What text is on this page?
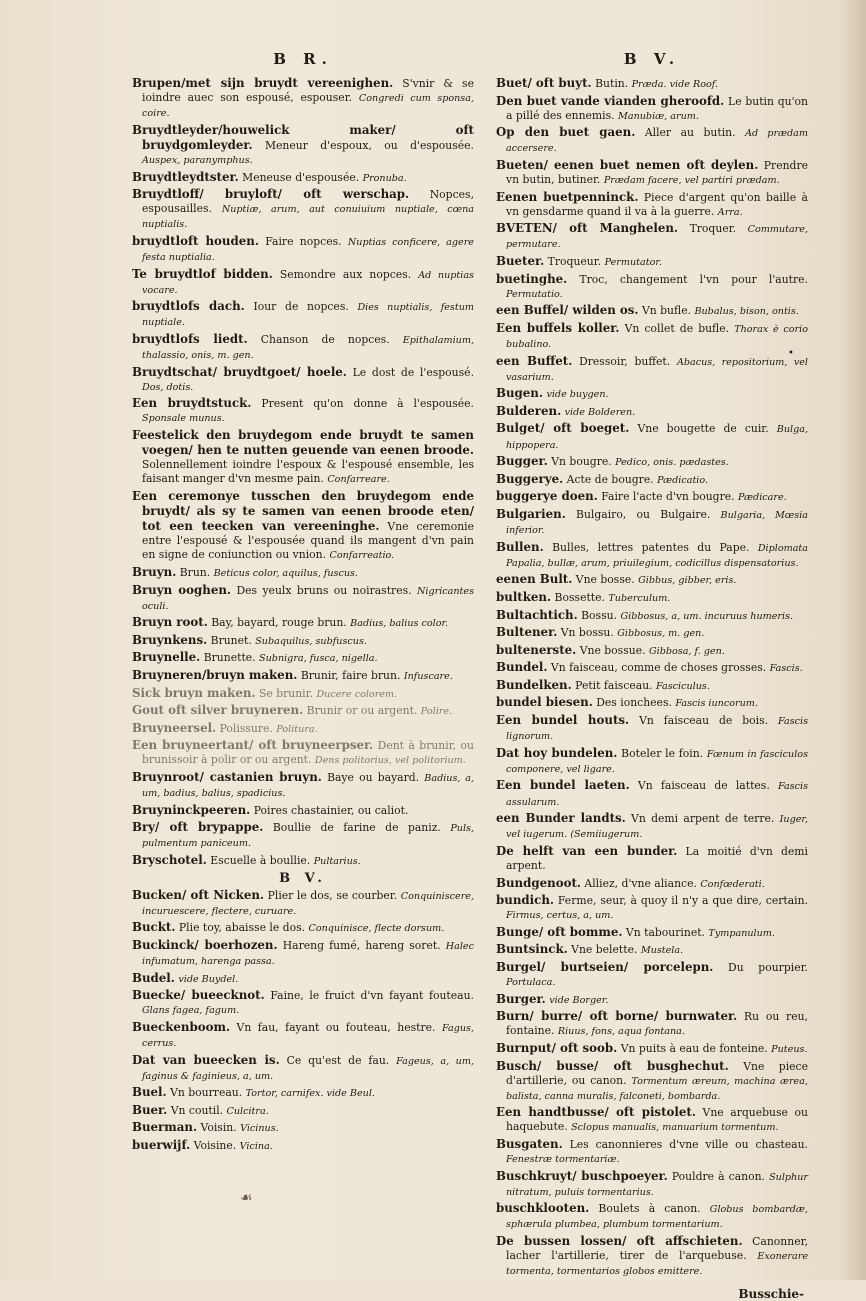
B R.

Brupen/met sijn bruydt vereenighen. S'vnir & se ioindre auec son espousé, espouser. Congredi cum sponsa, coire.

Bruydtleyder/houwelick maker/ oft bruydgomleyder. Meneur d'espoux, ou d'espousée. Auspex, paranymphus.

Bruydtleydtster. Meneuse d'espousée. Pronuba.

Bruydtloff/ bruyloft/ oft werschap. Nopces, espousailles. Nuptiæ, arum, aut conuiuium nuptiale, cœna nuptialis.

bruydtloft houden. Faire nopces. Nuptias conficere, agere festa nuptialia.

Te bruydtlof bidden. Semondre aux nopces. Ad nuptias vocare.

bruydtlofs dach. Iour de nopces. Dies nuptialis, festum nuptiale.

bruydtlofs liedt. Chanson de nopces. Epithalamium, thalassio, onis, m. gen.

Bruydtschat/ bruydtgoet/ hoele. Le dost de l'espousé. Dos, dotis.

Een bruydtstuck. Present qu'on donne à l'espousée. Sponsale munus.

Feestelick den bruydegom ende bruydt te samen voegen/ hen te nutten geuende van eenen broode. Solennellement ioindre l'espoux & l'espousé ensemble, les faisant manger d'vn mesme pain. Confarreare.

Een ceremonye tusschen den bruydegom ende bruydt/ als sy te samen van eenen broode eten/ tot een teecken van vereeninghe. Vne ceremonie entre l'espousé & l'espousée quand ils mangent d'vn pain en signe de coniunction ou vnion. Confarreatio.

Bruyn. Brun. Beticus color, aquilus, fuscus.

Bruyn ooghen. Des yeulx bruns ou noirastres. Nigricantes oculi.

Bruyn root. Bay, bayard, rouge brun. Badius, balius color.

Bruynkens. Brunet. Subaquilus, subfuscus.

Bruynelle. Brunette. Subnigra, fusca, nigella.

Bruyneren/bruyn maken. Brunir, faire brun. Infuscare.

Sick bruyn maken. Se brunir. Ducere colorem.

Gout oft silver bruyneren. Brunir or ou argent. Polire.

Bruyneersel. Polissure. Politura.

Een bruyneertant/ oft bruyneerpser. Dent à brunir, ou brunissoir à polir or ou argent. Dens politorius, vel politorium.

Bruynroot/ castanien bruyn. Baye ou bayard. Badius, a, um, badius, balius, spadicius.

Bruyninckpeeren. Poires chastainier, ou caliot.

Bry/ oft brypappe. Boullie de farine de paniz. Puls, pulmentum paniceum.

Bryschotel. Escuelle à boullie. Pultarius.

B V.

Bucken/ oft Nicken. Plier le dos, se courber. Conquiniscere, incuruescere, flectere, curuare.

Buckt. Plie toy, abaisse le dos. Conquinisce, flecte dorsum.

Buckinck/ boerhozen. Hareng fumé, hareng soret. Halec infumatum, harenga passa.

Budel. vide Buydel.

Buecke/ bueecknot. Faine, le fruict d'vn fayant fouteau. Glans fagea, fagum.

Bueckenboom. Vn fau, fayant ou fouteau, hestre. Fagus, cerrus.

Dat van bueecken is. Ce qu'est de fau. Fageus, a, um, faginus & faginieus, a, um.

Buel. Vn bourreau. Tortor, carnifex. vide Beul.

Buer. Vn coutil. Culcitra.

Buerman. Voisin. Vicinus.

buerwijf. Voisine. Vicina.

B V.

Buet/ oft buyt. Butin. Præda. vide Roof.

Den buet vande vianden gheroofd. Le butin qu'on a pillé des ennemis. Manubiæ, arum.

Op den buet gaen. Aller au butin. Ad prædam accersere.

Bueten/ eenen buet nemen oft deylen. Prendre vn butin, butiner. Prædam facere, vel partiri prædam.

Eenen buetpenninck. Piece d'argent qu'on baille à vn gensdarme quand il va à la guerre. Arra.

BVETEN/ oft Manghelen. Troquer. Commutare, permutare.

Bueter. Troqueur. Permutator.

buetinghe. Troc, changement l'vn pour l'autre. Permutatio.

een Buffel/ wilden os. Vn bufle. Bubalus, bison, ontis.

Een buffels koller. Vn collet de bufle. Thorax è corio bubalino.

een Buffet. Dressoir, buffet. Abacus, repositorium, vel vasarium.

Bugen. vide buygen.

Bulderen. vide Bolderen.

Bulget/ oft boeget. Vne bougette de cuir. Bulga, hippopera.

Bugger. Vn bougre. Pedico, onis. pædastes.

Buggerye. Acte de bougre. Pædicatio.

buggerye doen. Faire l'acte d'vn bougre. Pædicare.

Bulgarien. Bulgairo, ou Bulgaire. Bulgaria, Mœsia inferior.

Bullen. Bulles, lettres patentes du Pape. Diplomata Papalia, bullæ, arum, priuilegium, codicillus dispensatorius.

eenen Bult. Vne bosse. Gibbus, gibber, eris.

bultken. Bossette. Tuberculum.

Bultachtich. Bossu. Gibbosus, a, um. incuruus humeris.

Bultener. Vn bossu. Gibbosus, m. gen.

bultenerste. Vne bossue. Gibbosa, f. gen.

Bundel. Vn faisceau, comme de choses grosses. Fascis.

Bundelken. Petit faisceau. Fasciculus.

bundel biesen. Des ionchees. Fascis iuncorum.

Een bundel houts. Vn faisceau de bois. Fascis lignorum.

Dat hoy bundelen. Boteler le foin. Fœnum in fasciculos componere, vel ligare.

Een bundel laeten. Vn faisceau de lattes. Fascis assularum.

een Bunder landts. Vn demi arpent de terre. Iuger, vel iugerum. (Semiiugerum.

De helft van een bunder. La moitié d'vn demi arpent.

Bundgenoot. Alliez, d'vne aliance. Confœderati.

bundich. Ferme, seur, à quoy il n'y a que dire, certain. Firmus, certus, a, um.

Bunge/ oft bomme. Vn tabourinet. Tympanulum.

Buntsinck. Vne belette. Mustela.

Burgel/ burtseien/ porcelepn. Du pourpier. Portulaca.

Burger. vide Borger.

Burn/ burre/ oft borne/ burnwater. Ru ou reu, fontaine. Riuus, fons, aqua fontana.

Burnput/ oft soob. Vn puits à eau de fonteine. Puteus.

Busch/ busse/ oft busghechut. Vne piece d'artillerie, ou canon. Tormentum æreum, machina ærea, balista, canna muralis, falconeti, bombarda.

Een handtbusse/ oft pistolet. Vne arquebuse ou haquebute. Sclopus manualis, manuarium tormentum.

Busgaten. Les canonnieres d'vne ville ou chasteau. Fenestræ tormentariæ.

Buschkruyt/ buschpoeyer. Pouldre à canon. Sulphur nitratum, puluis tormentarius.

buschklooten. Boulets à canon. Globus bombardæ, sphærula plumbea, plumbum tormentarium.

De bussen lossen/ oft affschieten. Canonner, lacher l'artillerie, tirer de l'arquebuse. Exonerare tormenta, tormentarios globos emittere.

Busschie-
•
☙
